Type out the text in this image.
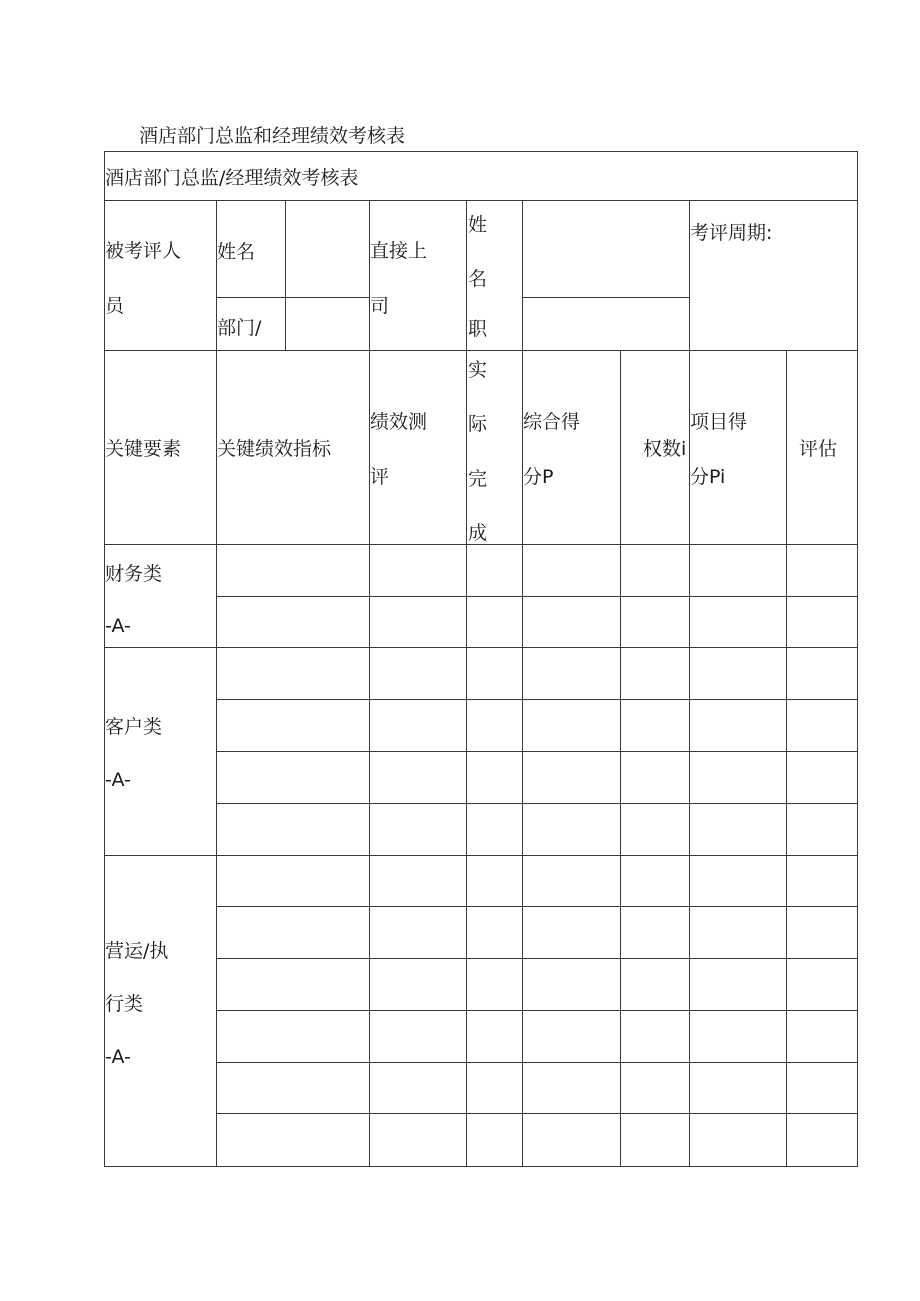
酒店部门总监和经理绩效考核表
酒店部门总监/经理绩效考核表
被考评人
员
姓名
部门/
直接上
司
姓
名
职
考评周期:
关键要素 关键绩效指标
绩效测
评
实
际
完
成
综合得
分P
权数i
项目得
分Pi
评估
财务类
-A-
客户类
-A-
营运/执
行类
-A-
